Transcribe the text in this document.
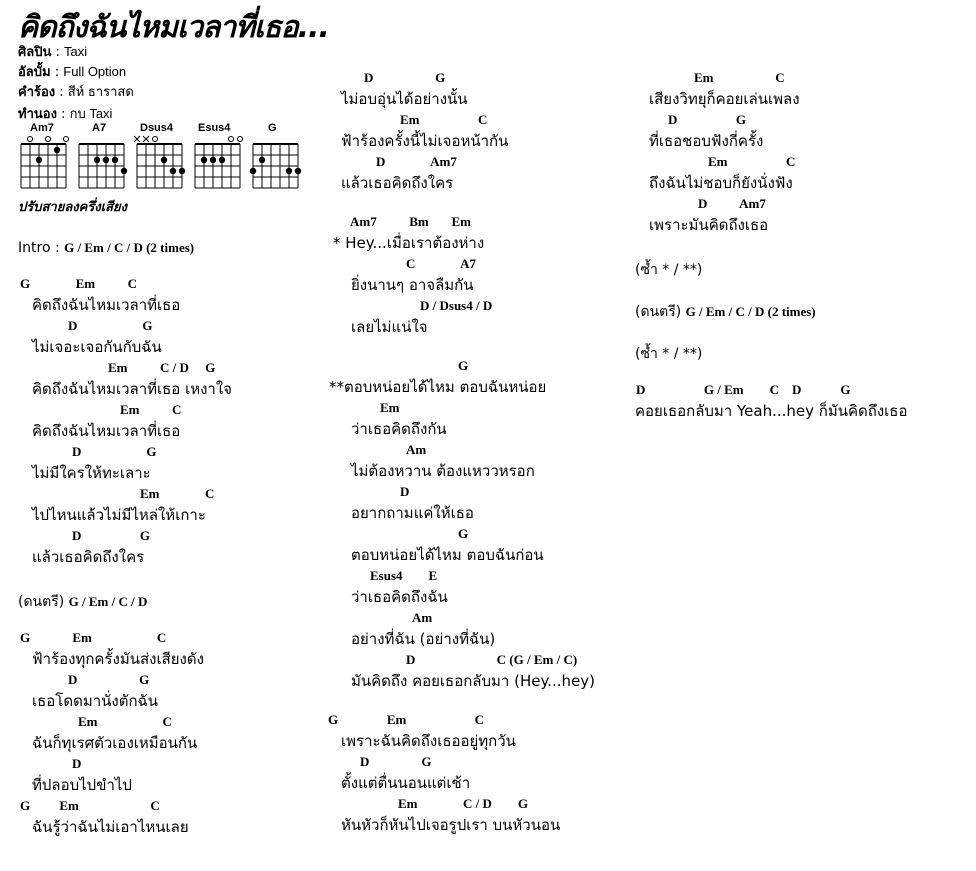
คิดถึงฉันไหมเวลาที่เธอ...
ศิลปิน : Taxi
อัลบั้ม : Full Option
คำร้อง : สีห์ ธาราสด
ทำนอง : กบ Taxi
Am7	A7	Dsus4 Esus4	G
ปรับสายลงครึ่งเสียง
Intro : G / Em / C / D (2 times)
G              Em          C
คิดถึงฉันไหมเวลาที่เธอ
D                    G
ไม่เจอะเจอกันกับฉัน
Em          C / D     G
คิดถึงฉันไหมเวลาที่เธอ เหงาใจ
Em          C
คิดถึงฉันไหมเวลาที่เธอ
D                    G
ไม่มีใครให้ทะเลาะ
Em              C
ไปไหนแล้วไม่มีไหล่ให้เกาะ
D                  G
แล้วเธอคิดถึงใคร
(ดนตรี) G / Em / C / D
G             Em                    C
ฟ้าร้องทุกครั้งมันส่งเสียงดัง
D                   G
เธอโดดมานั่งตักฉัน
Em                    C
ฉันก็ทุเรศตัวเองเหมือนกัน
D
ที่ปลอบไปขำไป
G         Em                      C
ฉันรู้ว่าฉันไม่เอาไหนเลย
D                   G
ไม่อบอุ่นได้อย่างนั้น
Em                  C
ฟ้าร้องครั้งนี้ไม่เจอหน้ากัน
D              Am7
แล้วเธอคิดถึงใคร
Am7          Bm       Em
* Hey...เมื่อเราต้องห่าง
C              A7
ยิ่งนานๆ อาจลืมกัน
D / Dsus4 / D
เลยไม่แน่ใจ
G
**ตอบหน่อยได้ไหม ตอบฉันหน่อย
Em
ว่าเธอคิดถึงกัน
Am
ไม่ต้องหวาน ต้องแหววหรอก
D
อยากถามแค่ให้เธอ
G
ตอบหน่อยได้ไหม ตอบฉันก่อน
Esus4        E
ว่าเธอคิดถึงฉัน
Am
อย่างที่ฉัน (อย่างที่ฉัน)
D                         C (G / Em / C)
มันคิดถึง คอยเธอกลับมา (Hey...hey)
G               Em                     C
เพราะฉันคิดถึงเธออยู่ทุกวัน
D                G
ตั้งแต่ตื่นนอนแต่เช้า
Em              C / D        G
หันหัวก็หันไปเจอรูปเรา บนหัวนอน
Em                   C
เสียงวิทยุก็คอยเล่นเพลง
D                  G
ที่เธอชอบฟังกี่ครั้ง
Em                  C
ถึงฉันไม่ชอบก็ยังนั่งฟัง
D          Am7
เพราะมันคิดถึงเธอ
(ซ้ำ * / **)
(ดนตรี) G / Em / C / D (2 times)
(ซ้ำ * / **)
D                  G / Em        C    D            G
คอยเธอกลับมา Yeah...hey ก็มันคิดถึงเธอ
